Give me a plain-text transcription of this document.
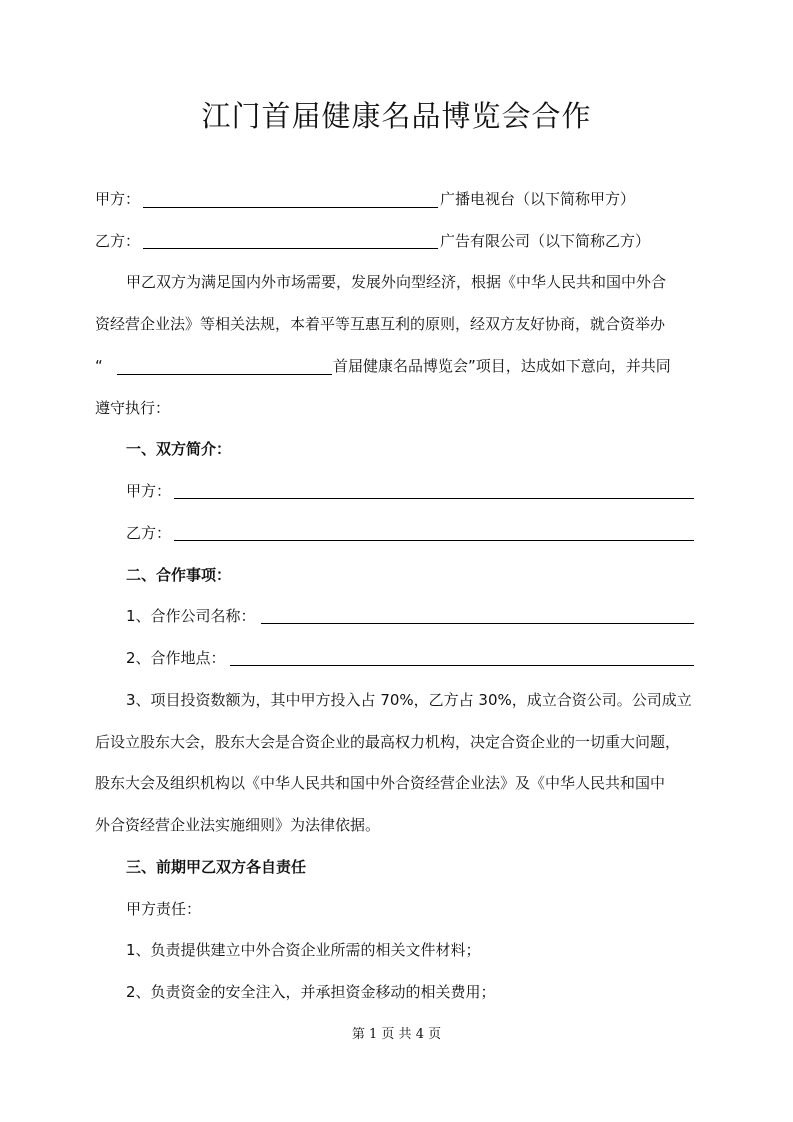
江门首届健康名品博览会合作
甲方：	广播电视台（以下简称甲方）
乙方：	广告有限公司（以下简称乙方）
甲乙双方为满足国内外市场需要，发展外向型经济，根据《中华人民共和国中外合
资经营企业法》等相关法规，本着平等互惠互利的原则，经双方友好协商，就合资举办
“	首届健康名品博览会”项目，达成如下意向，并共同
遵守执行：
一、双方简介：
甲方：
乙方：
二、合作事项：
1、合作公司名称：
2、合作地点：
3、项目投资数额为，其中甲方投入占 70%，乙方占 30%，成立合资公司。公司成立
后设立股东大会，股东大会是合资企业的最高权力机构，决定合资企业的一切重大问题，
股东大会及组织机构以《中华人民共和国中外合资经营企业法》及《中华人民共和国中
外合资经营企业法实施细则》为法律依据。
三、前期甲乙双方各自责任
甲方责任：
1、负责提供建立中外合资企业所需的相关文件材料；
2、负责资金的安全注入，并承担资金移动的相关费用；
第 1 页 共 4 页
